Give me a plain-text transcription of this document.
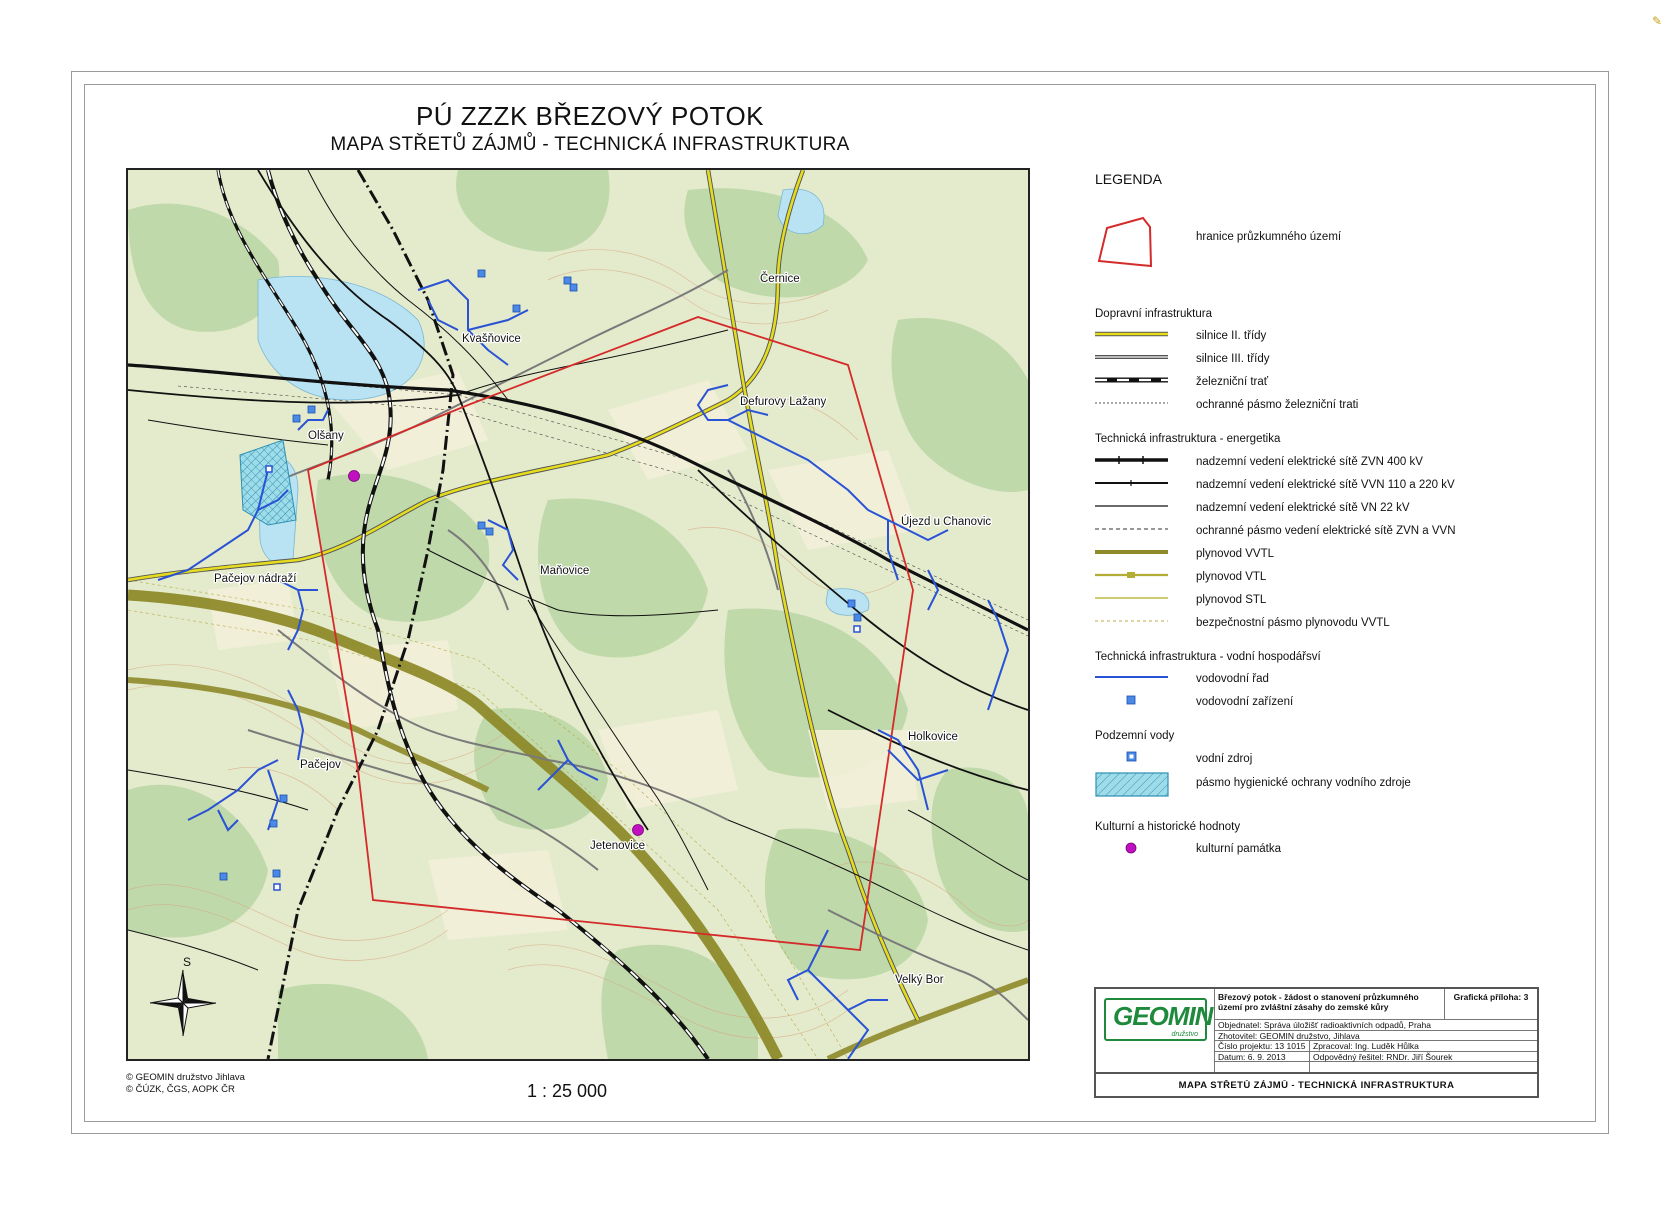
✎
PÚ ZZZK BŘEZOVÝ POTOK
MAPA STŘETŮ ZÁJMŮ - TECHNICKÁ INFRASTRUKTURA
Černice
Kvašňovice
Defurovy Lažany
Olšany
Újezd u Chanovic
Maňovice
Pačejov nádraží
Holkovice
Pačejov
Jetenovice
Velký Bor
S
© GEOMIN družstvo Jihlava
© ČÚZK, ČGS, AOPK ČR	1 : 25 000
LEGENDA
hranice průzkumného území
Dopravní infrastruktura
silnice II. třídy
silnice III. třídy
železniční trať
ochranné pásmo železniční trati
Technická infrastruktura - energetika
nadzemní vedení elektrické sítě ZVN 400 kV
nadzemní vedení elektrické sítě VVN 110 a 220 kV
nadzemní vedení elektrické sítě VN 22 kV
ochranné pásmo vedení elektrické sítě ZVN a VVN
plynovod VVTL
plynovod VTL
plynovod STL
bezpečnostní pásmo plynovodu VVTL
Technická infrastruktura - vodní hospodářsví
vodovodní řad
vodovodní zařízení
Podzemní vody
vodní zdroj
pásmo hygienické ochrany vodního zdroje
Kulturní a historické hodnoty
kulturní památka
GEOMIN
družstvo
Březový potok - žádost o stanovení průzkumného území pro zvláštní zásahy do zemské kůry
Grafická příloha: 3
Objednatel: Správa úložišť radioaktivních odpadů, Praha
Zhotovitel: GEOMIN družstvo, Jihlava
Číslo projektu: 13 1015 Zpracoval: Ing. Luděk Hůlka
Datum: 6. 9. 2013	Odpovědný řešitel: RNDr. Jiří Šourek
MAPA STŘETŮ ZÁJMŮ - TECHNICKÁ INFRASTRUKTURA
